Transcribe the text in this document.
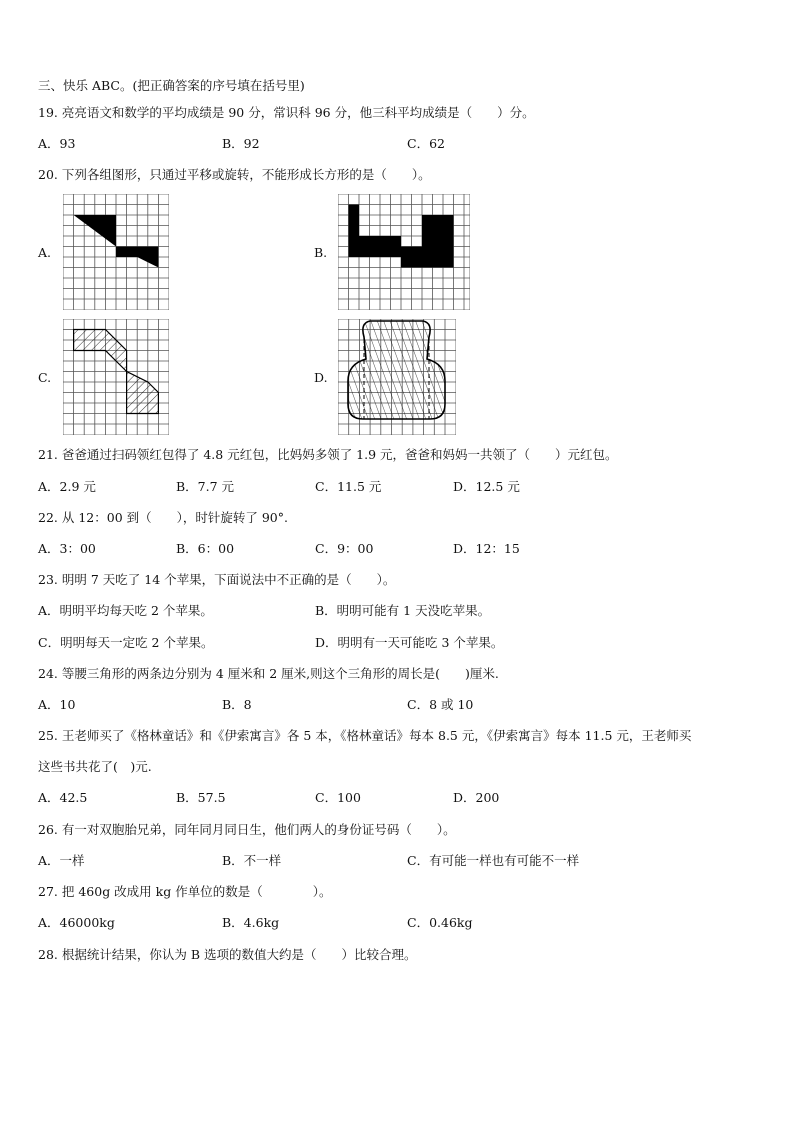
三、快乐 ABC。(把正确答案的序号填在括号里)
19. 亮亮语文和数学的平均成绩是 90 分，常识科 96 分，他三科平均成绩是（　　）分。
A．93	B．92	C．62
20. 下列各组图形，只通过平移或旋转，不能形成长方形的是（　　）。
A.	B.
C.	D.
21. 爸爸通过扫码领红包得了 4.8 元红包，比妈妈多领了 1.9 元，爸爸和妈妈一共领了（　　）元红包。
A．2.9 元	B．7.7 元	C．11.5 元	D．12.5 元
22. 从 12：00 到（　　），时针旋转了 90°.
A．3：00	B．6：00	C．9：00	D．12：15
23. 明明 7 天吃了 14 个苹果，下面说法中不正确的是（　　）。
A．明明平均每天吃 2 个苹果。	B．明明可能有 1 天没吃苹果。
C．明明每天一定吃 2 个苹果。	D．明明有一天可能吃 3 个苹果。
24. 等腰三角形的两条边分别为 4 厘米和 2 厘米,则这个三角形的周长是(　　)厘米.
A．10	B．8	C．8 或 10
25. 王老师买了《格林童话》和《伊索寓言》各 5 本，《格林童话》每本 8.5 元，《伊索寓言》每本 11.5 元，王老师买
这些书共花了(　)元.
A．42.5	B．57.5	C．100	D．200
26. 有一对双胞胎兄弟，同年同月同日生，他们两人的身份证号码（　　）。
A．一样	B．不一样	C．有可能一样也有可能不一样
27. 把 460g 改成用 kg 作单位的数是（　　　　）。
A．46000kg	B．4.6kg	C．0.46kg
28. 根据统计结果，你认为 B 选项的数值大约是（　　）比较合理。
